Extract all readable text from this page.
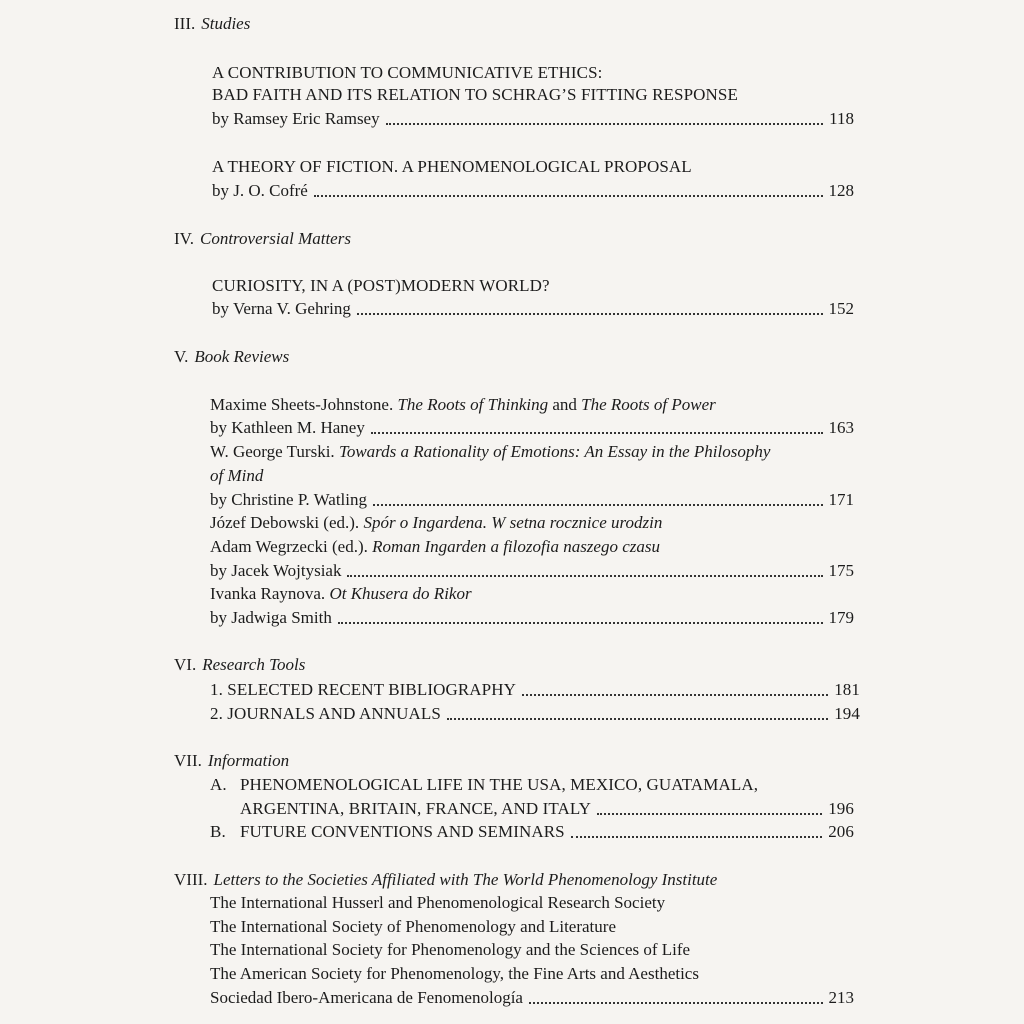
III. Studies
A CONTRIBUTION TO COMMUNICATIVE ETHICS:
BAD FAITH AND ITS RELATION TO SCHRAG’S FITTING RESPONSE
by Ramsey Eric Ramsey	118
A THEORY OF FICTION. A PHENOMENOLOGICAL PROPOSAL
by J. O. Cofré	128
IV. Controversial Matters
CURIOSITY, IN A (POST)MODERN WORLD?
by Verna V. Gehring	152
V. Book Reviews
Maxime Sheets-Johnstone. The Roots of Thinking and The Roots of Power
by Kathleen M. Haney	163
W. George Turski. Towards a Rationality of Emotions: An Essay in the Philosophy
of Mind
by Christine P. Watling	171
Józef Debowski (ed.). Spór o Ingardena. W setna rocznice urodzin
Adam Wegrzecki (ed.). Roman Ingarden a filozofia naszego czasu
by Jacek Wojtysiak	175
Ivanka Raynova. Ot Khusera do Rikor
by Jadwiga Smith	179
VI. Research Tools
1. SELECTED RECENT BIBLIOGRAPHY	181
2. JOURNALS AND ANNUALS	194
VII. Information
A. PHENOMENOLOGICAL LIFE IN THE USA, MEXICO, GUATAMALA,
ARGENTINA, BRITAIN, FRANCE, AND ITALY	196
B. FUTURE CONVENTIONS AND SEMINARS	206
VIII. Letters to the Societies Affiliated with The World Phenomenology Institute
The International Husserl and Phenomenological Research Society
The International Society of Phenomenology and Literature
The International Society for Phenomenology and the Sciences of Life
The American Society for Phenomenology, the Fine Arts and Aesthetics
Sociedad Ibero-Americana de Fenomenología	213
